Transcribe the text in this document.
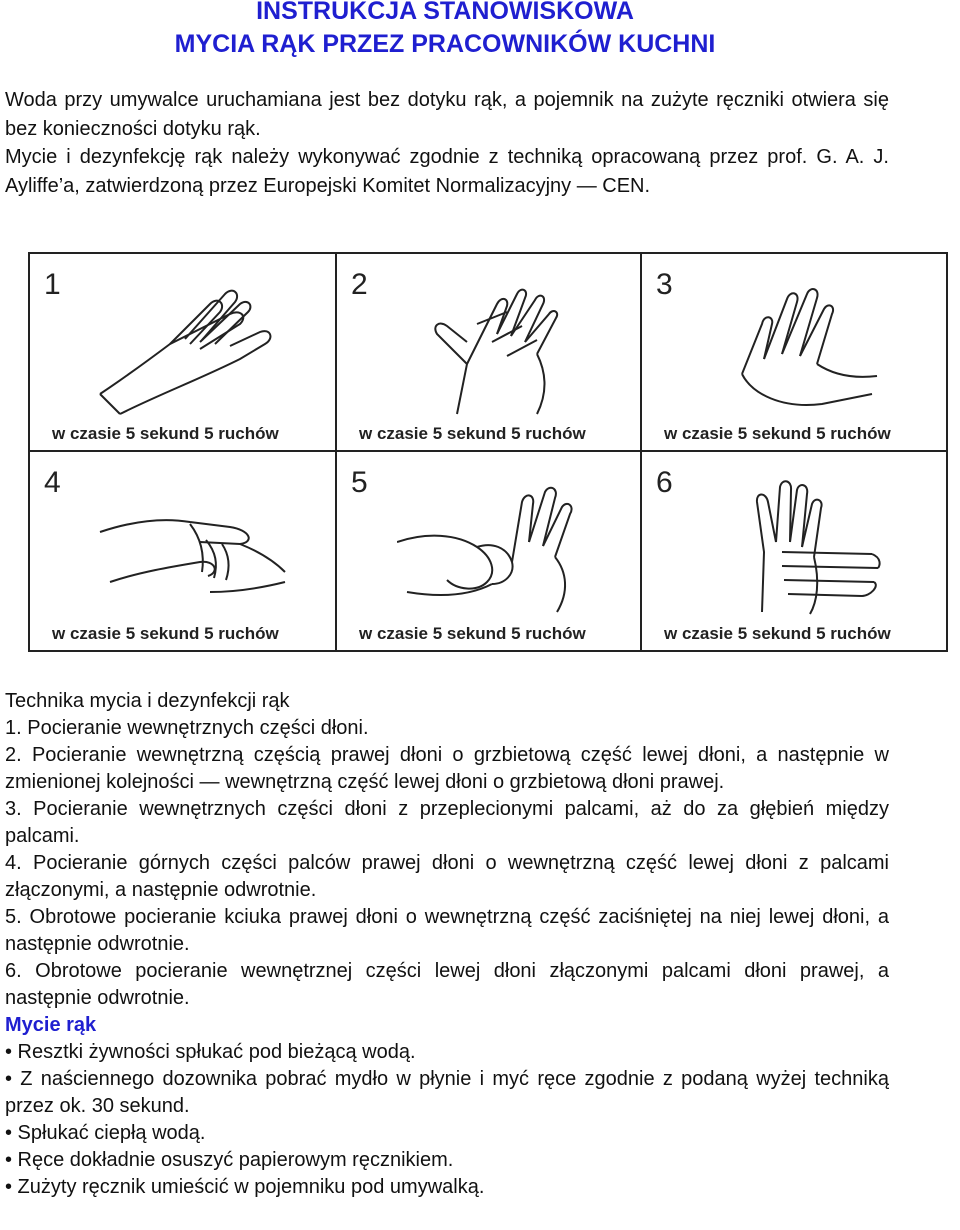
INSTRUKCJA STANOWISKOWA
MYCIA RĄK PRZEZ PRACOWNIKÓW KUCHNI

Woda przy umywalce uruchamiana jest bez dotyku rąk, a pojemnik na zużyte ręczniki otwiera się bez konieczności dotyku rąk.

Mycie i dezynfekcję rąk należy wykonywać zgodnie z techniką opracowaną przez prof. G. A. J. Ayliffe’a, zatwierdzoną przez Europejski Komitet Normalizacyjny — CEN.

1
w czasie 5 sekund 5 ruchów
2
w czasie 5 sekund 5 ruchów
3
w czasie 5 sekund 5 ruchów
4
w czasie 5 sekund 5 ruchów
5
w czasie 5 sekund 5 ruchów
6
w czasie 5 sekund 5 ruchów

Technika mycia i dezynfekcji rąk

1. Pocieranie wewnętrznych części dłoni.

2. Pocieranie wewnętrzną częścią prawej dłoni o grzbietową część lewej dłoni, a następnie w zmienionej kolejności — wewnętrzną część lewej dłoni o grzbietową dłoni prawej.

3. Pocieranie wewnętrznych części dłoni z przeplecionymi palcami, aż do za głębień między palcami.

4. Pocieranie górnych części palców prawej dłoni o wewnętrzną część lewej dłoni z palcami złączonymi, a następnie odwrotnie.

5. Obrotowe pocieranie kciuka prawej dłoni o wewnętrzną część zaciśniętej na niej lewej dłoni, a następnie odwrotnie.

6. Obrotowe pocieranie wewnętrznej części lewej dłoni złączonymi palcami dłoni prawej, a następnie odwrotnie.

Mycie rąk

• Resztki żywności spłukać pod bieżącą wodą.

• Z naściennego dozownika pobrać mydło w płynie i myć ręce zgodnie z podaną wyżej techniką przez ok. 30 sekund.

• Spłukać ciepłą wodą.

• Ręce dokładnie osuszyć papierowym ręcznikiem.

• Zużyty ręcznik umieścić w pojemniku pod umywalką.
